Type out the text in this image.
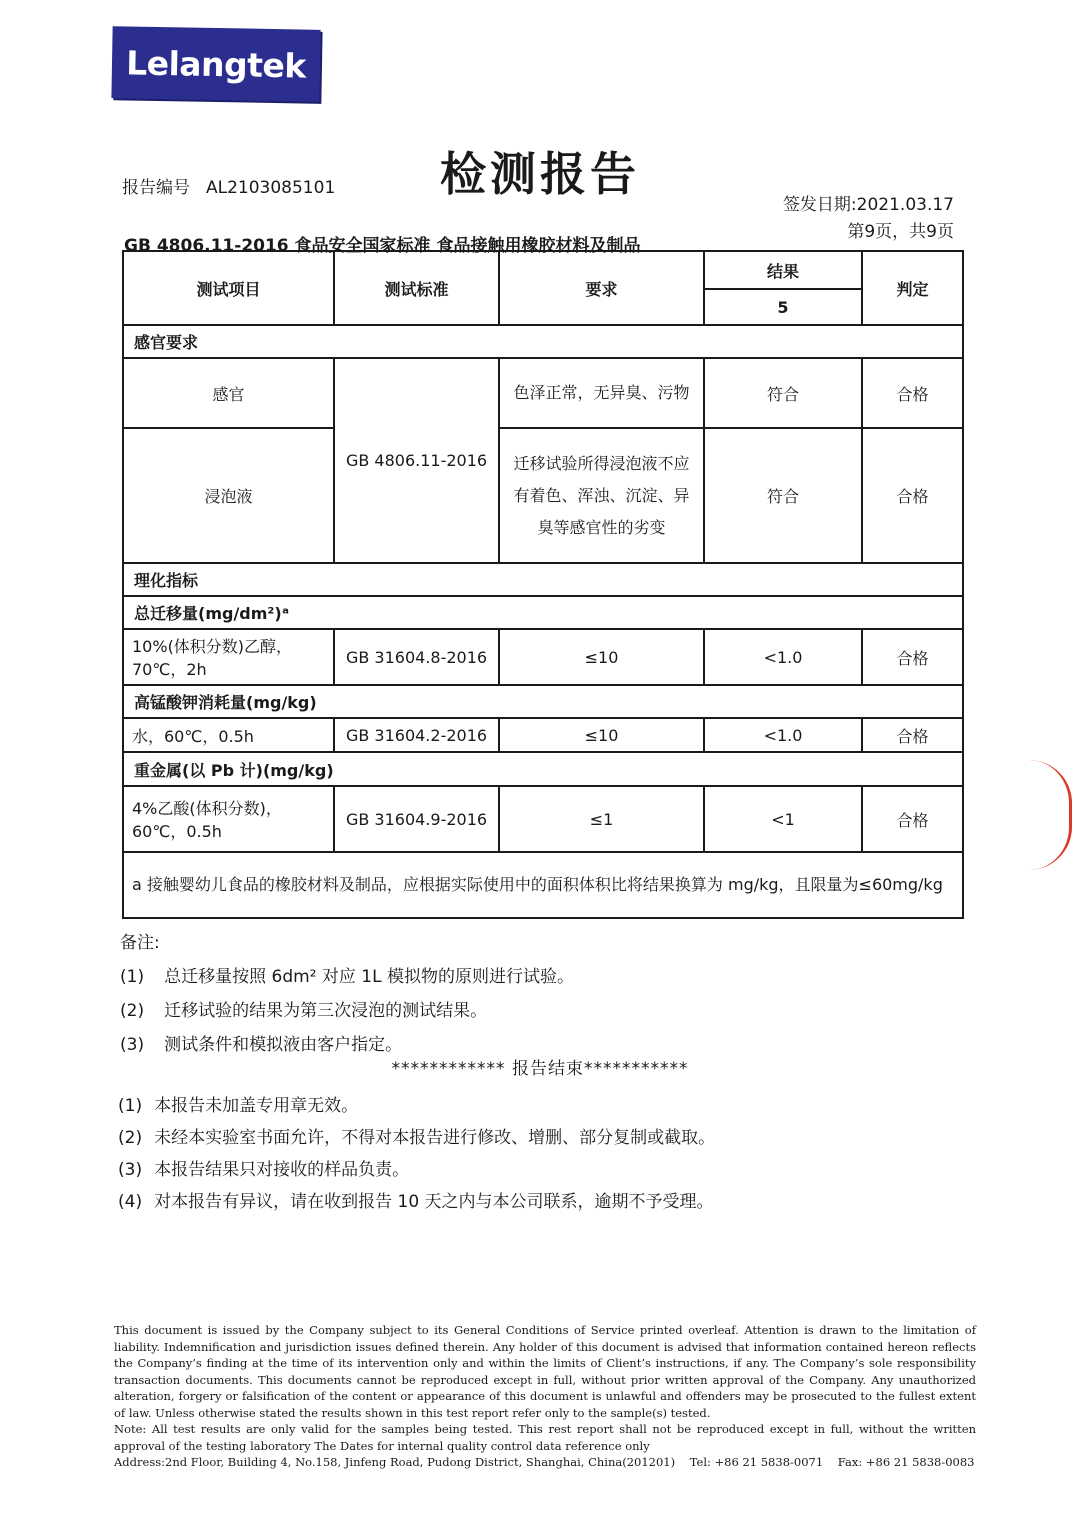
Lelang tek
检测报告
报告编号 AL2103085101
签发日期:2021.03.17
第9页，共9页
GB 4806.11-2016 食品安全国家标准 食品接触用橡胶材料及制品
测试项目	测试标准	要求	结果	判定
			5	
感官要求				
感官	GB 4806.11-2016	色泽正常，无异臭、污物	符合	合格
浸泡液		迁移试验所得浸泡液不应有着色、浑浊、沉淀、异臭等感官性的劣变	符合	合格
理化指标				
总迁移量(mg/dm²)ᵃ				
10%(体积分数)乙醇，70℃，2h	GB 31604.8-2016	≤10	<1.0	合格
高锰酸钾消耗量(mg/kg)				
水，60℃，0.5h	GB 31604.2-2016	≤10	<1.0	合格
重金属(以 Pb 计)(mg/kg)				
4%乙酸(体积分数)，60℃，0.5h	GB 31604.9-2016	≤1	<1	合格
a 接触婴幼儿食品的橡胶材料及制品，应根据实际使用中的面积体积比将结果换算为 mg/kg，且限量为≤60mg/kg				
备注:
(1) 总迁移量按照 6dm² 对应 1L 模拟物的原则进行试验。
(2) 迁移试验的结果为第三次浸泡的测试结果。
(3) 测试条件和模拟液由客户指定。
************ 报告结束***********
(1) 本报告未加盖专用章无效。
(2) 未经本实验室书面允许，不得对本报告进行修改、增删、部分复制或截取。
(3) 本报告结果只对接收的样品负责。
(4) 对本报告有异议，请在收到报告 10 天之内与本公司联系，逾期不予受理。
This document is issued by the Company subject to its General Conditions of Service printed overleaf. Attention is drawn to the limitation of liability. Indemnification and jurisdiction issues defined therein. Any holder of this document is advised that information contained hereon reflects the Company’s finding at the time of its intervention only and within the limits of Client’s instructions, if any. The Company’s sole responsibility transaction documents. This documents cannot be reproduced except in full, without prior written approval of the Company. Any unauthorized alteration, forgery or falsification of the content or appearance of this document is unlawful and offenders may be prosecuted to the fullest extent of law. Unless otherwise stated the results shown in this test report refer only to the sample(s) tested.
Note: All test results are only valid for the samples being tested. This rest report shall not be reproduced except in full, without the written approval of the testing laboratory The Dates for internal quality control data reference only
Address:2nd Floor, Building 4, No.158, Jinfeng Road, Pudong District, Shanghai, China(201201) Tel: +86 21 5838-0071 Fax: +86 21 5838-0083
